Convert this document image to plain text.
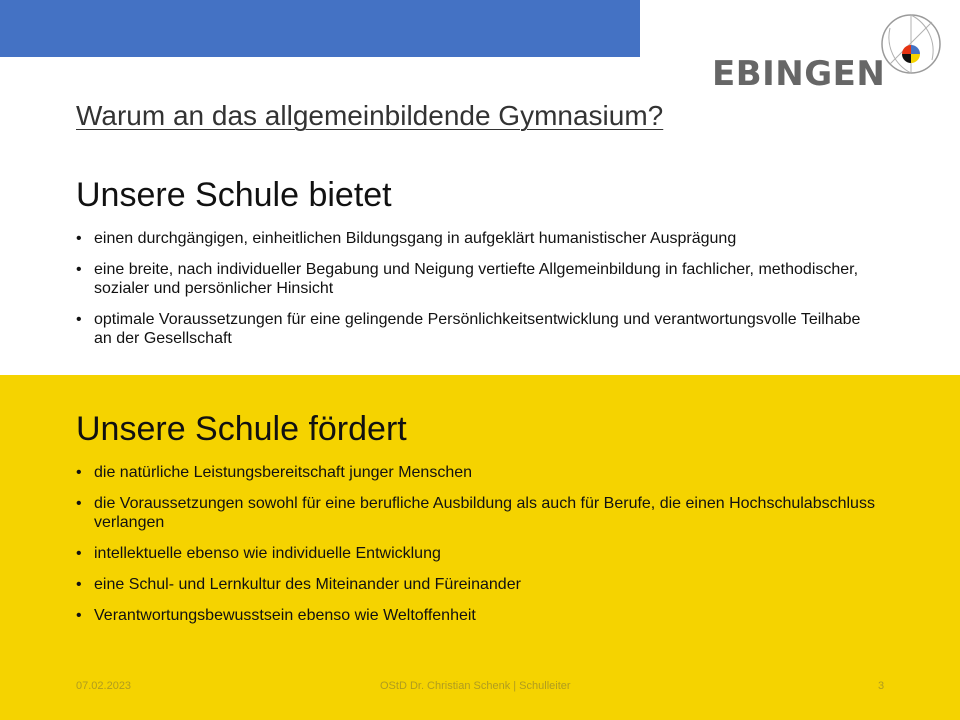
GYMNASIUM
EBINGEN
Warum an das allgemeinbildende Gymnasium?
Unsere Schule bietet
• einen durchgängigen, einheitlichen Bildungsgang in aufgeklärt humanistischer Ausprägung
• eine breite, nach individueller Begabung und Neigung vertiefte Allgemeinbildung in fachlicher, methodischer, sozialer und persönlicher Hinsicht
• optimale Voraussetzungen für eine gelingende Persönlichkeitsentwicklung und verantwortungsvolle Teilhabe an der Gesellschaft
Unsere Schule fördert
• die natürliche Leistungsbereitschaft junger Menschen
• die Voraussetzungen sowohl für eine berufliche Ausbildung als auch für Berufe, die einen Hochschulabschluss verlangen
• intellektuelle ebenso wie individuelle Entwicklung
• eine Schul- und Lernkultur des Miteinander und Füreinander
• Verantwortungsbewusstsein ebenso wie Weltoffenheit
07.02.2023	OStD Dr. Christian Schenk | Schulleiter	3
